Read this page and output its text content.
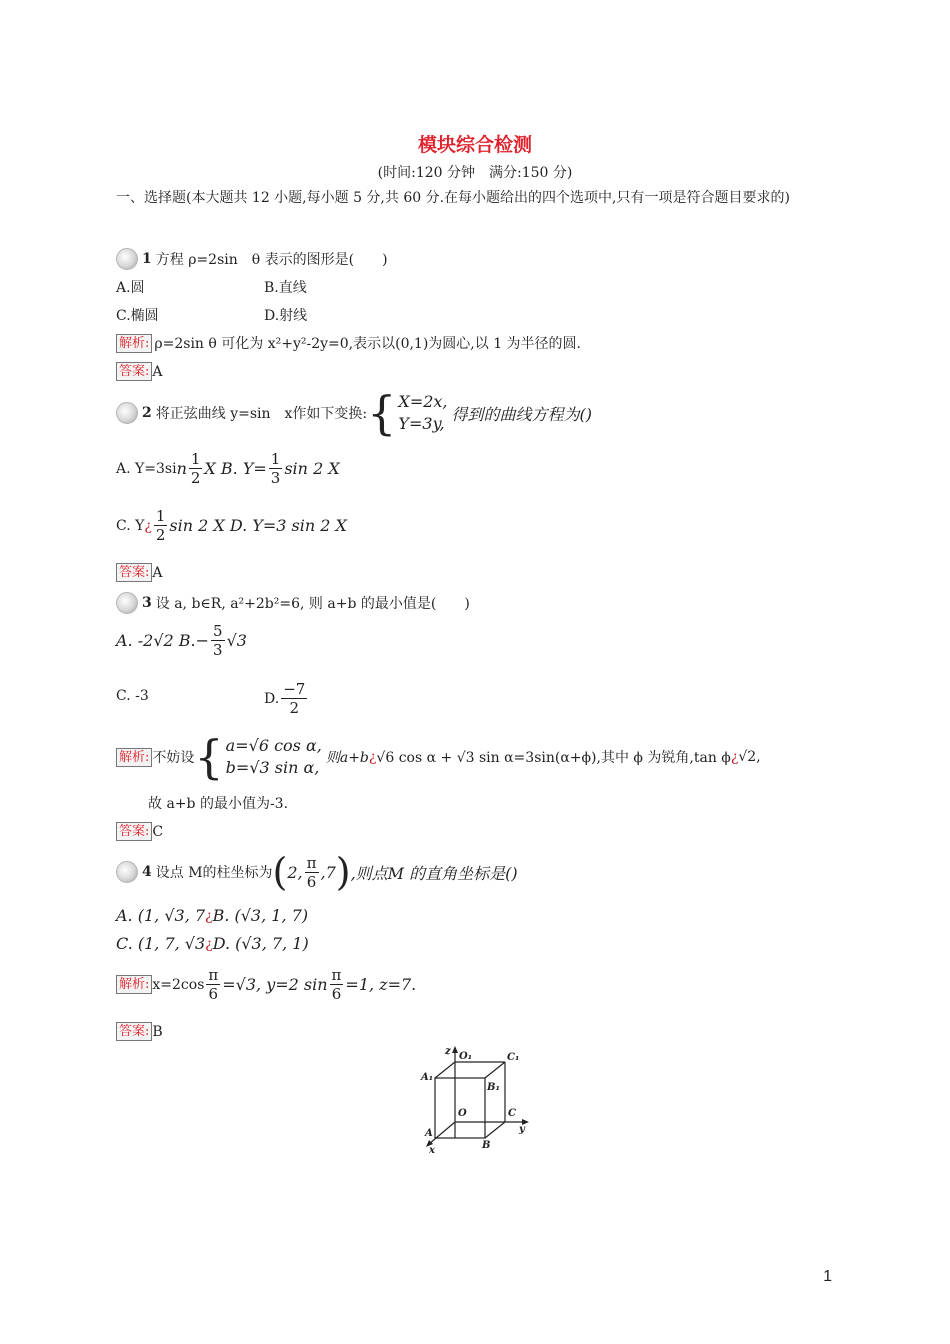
模块综合检测
(时间:120 分钟　满分:150 分)
一、选择题(本大题共 12 小题,每小题 5 分,共 60 分.在每小题给出的四个选项中,只有一项是符合题目要求的)
1 方程 ρ=2sin　θ 表示的图形是(　　)
A.圆	B.直线
C.椭圆	D.射线
解析: ρ=2sin θ 可化为 x²+y²-2y=0,表示以(0,1)为圆心,以 1 为半径的圆.
答案: A
2 将正弦曲线 y=sin　x作如下变换: { X=2x,
Y=3y, 得到的曲线方程为()
A. Y=3si n $\frac{1}{2}$ X B. $Y= \frac{1}{3}$ sin 2 X
C. Y ¿ $\frac{1}{2}$ sin 2 X D. Y=3 sin 2 X
答案: A
3 设 a, b∈R, a²+2b²=6, 则 a+b 的最小值是(　　)
A. -2√2 $B.- \frac{5}{3} √3$
C. -3	D. $\frac{-7}{2}$
解析: 不妨设 { a=√6 cos α,
b=√3 sin α, 则a+b ¿ √6 cos α + √3 sin α=3sin(α+ϕ),其中 ϕ 为锐角,tan ϕ ¿ √2,
故 a+b 的最小值为-3.
答案: C
4 设点 M的柱坐标为 ( 2, $\frac{\pi}{6} ,7$ ) ,则点M 的直角坐标是()
A. (1, √3, 7 ¿ B. (√3, 1, 7)
C. (1, 7, √3 ¿ D. (√3, 7, 1)
解析: $x=2\cos \frac{\pi}{6} =√3$, y=2 $\sin \frac{\pi}{6} =1$, z=7.
答案: B
z O₁	C₁
A₁
B₁
O	C
y
A
B
x
1
